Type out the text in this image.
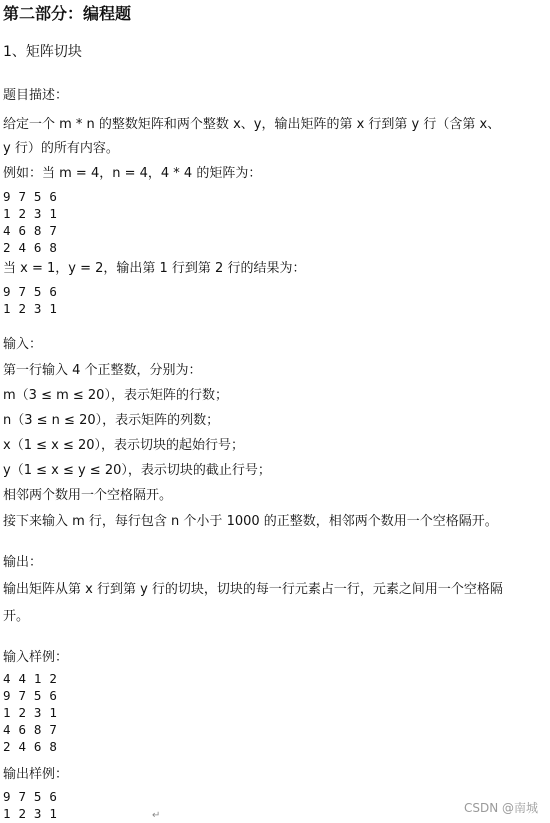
第二部分：编程题
1、矩阵切块
题目描述：
给定一个 m * n 的整数矩阵和两个整数 x、y，输出矩阵的第 x 行到第 y 行（含第 x、
y 行）的所有内容。
例如：当 m = 4，n = 4，4 * 4 的矩阵为：
9 7 5 6
1 2 3 1
4 6 8 7
2 4 6 8
当 x = 1，y = 2，输出第 1 行到第 2 行的结果为：
9 7 5 6
1 2 3 1
输入：
第一行输入 4 个正整数，分别为：
m（3 ≤ m ≤ 20），表示矩阵的行数；
n（3 ≤ n ≤ 20），表示矩阵的列数；
x（1 ≤ x ≤ 20），表示切块的起始行号；
y（1 ≤ x ≤ y ≤ 20），表示切块的截止行号；
相邻两个数用一个空格隔开。
接下来输入 m 行，每行包含 n 个小于 1000 的正整数，相邻两个数用一个空格隔开。
输出：
输出矩阵从第 x 行到第 y 行的切块，切块的每一行元素占一行，元素之间用一个空格隔
开。
输入样例：
4 4 1 2
9 7 5 6
1 2 3 1
4 6 8 7
2 4 6 8
输出样例：
9 7 5 6
1 2 3 1	↵
CSDN @南城
